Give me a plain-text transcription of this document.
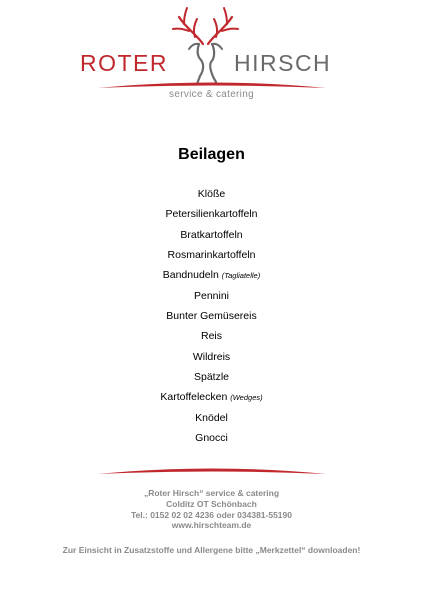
ROTER	HIRSCH
service & catering
Beilagen
Klöße
Petersilienkartoffeln
Bratkartoffeln
Rosmarinkartoffeln
Bandnudeln (Tagliatelle)
Pennini
Bunter Gemüsereis
Reis
Wildreis
Spätzle
Kartoffelecken (Wedges)
Knödel
Gnocci
„Roter Hirsch“ service & catering
Colditz OT Schönbach
Tel.: 0152 02 02 4236 oder 034381-55190
www.hirschteam.de
Zur Einsicht in Zusatzstoffe und Allergene bitte „Merkzettel“ downloaden!
